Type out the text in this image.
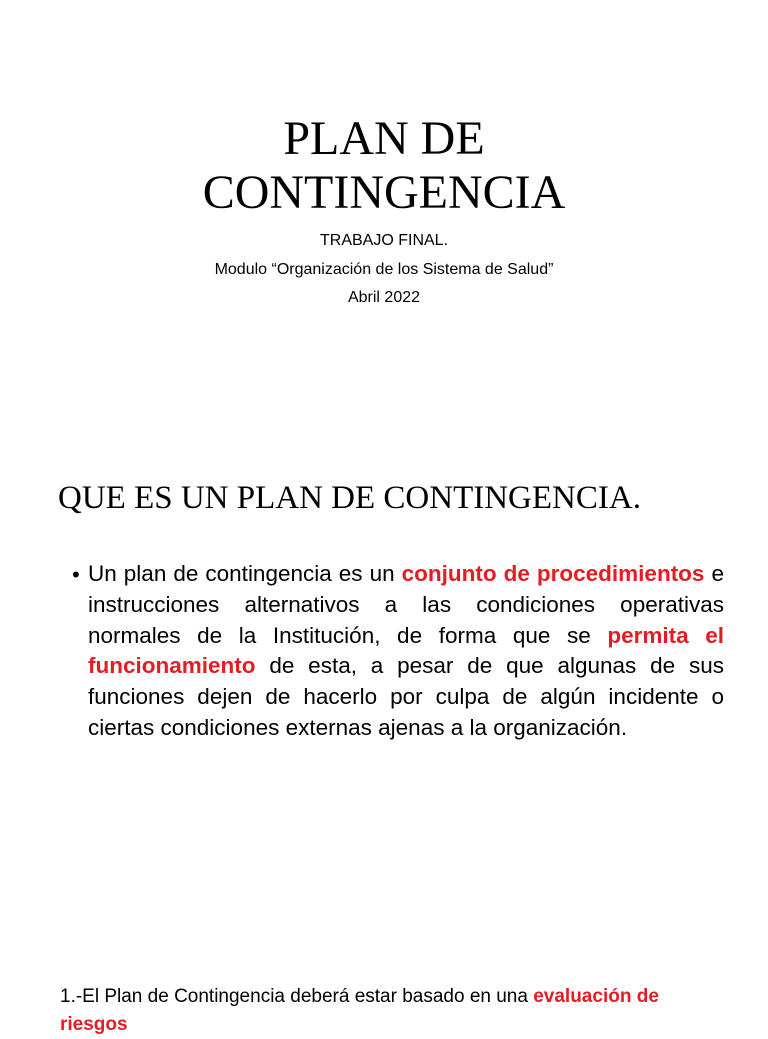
PLAN DE
CONTINGENCIA
TRABAJO FINAL.
Modulo “Organización de los Sistema de Salud”
Abril 2022
QUE ES UN PLAN DE CONTINGENCIA.
• Un plan de contingencia es un conjunto de procedimientos e instrucciones alternativos a las condiciones operativas normales de la Institución, de forma que se permita el funcionamiento de esta, a pesar de que algunas de sus funciones dejen de hacerlo por culpa de algún incidente o ciertas condiciones externas ajenas a la organización.
1.-El Plan de Contingencia deberá estar basado en una evaluación de riesgos
